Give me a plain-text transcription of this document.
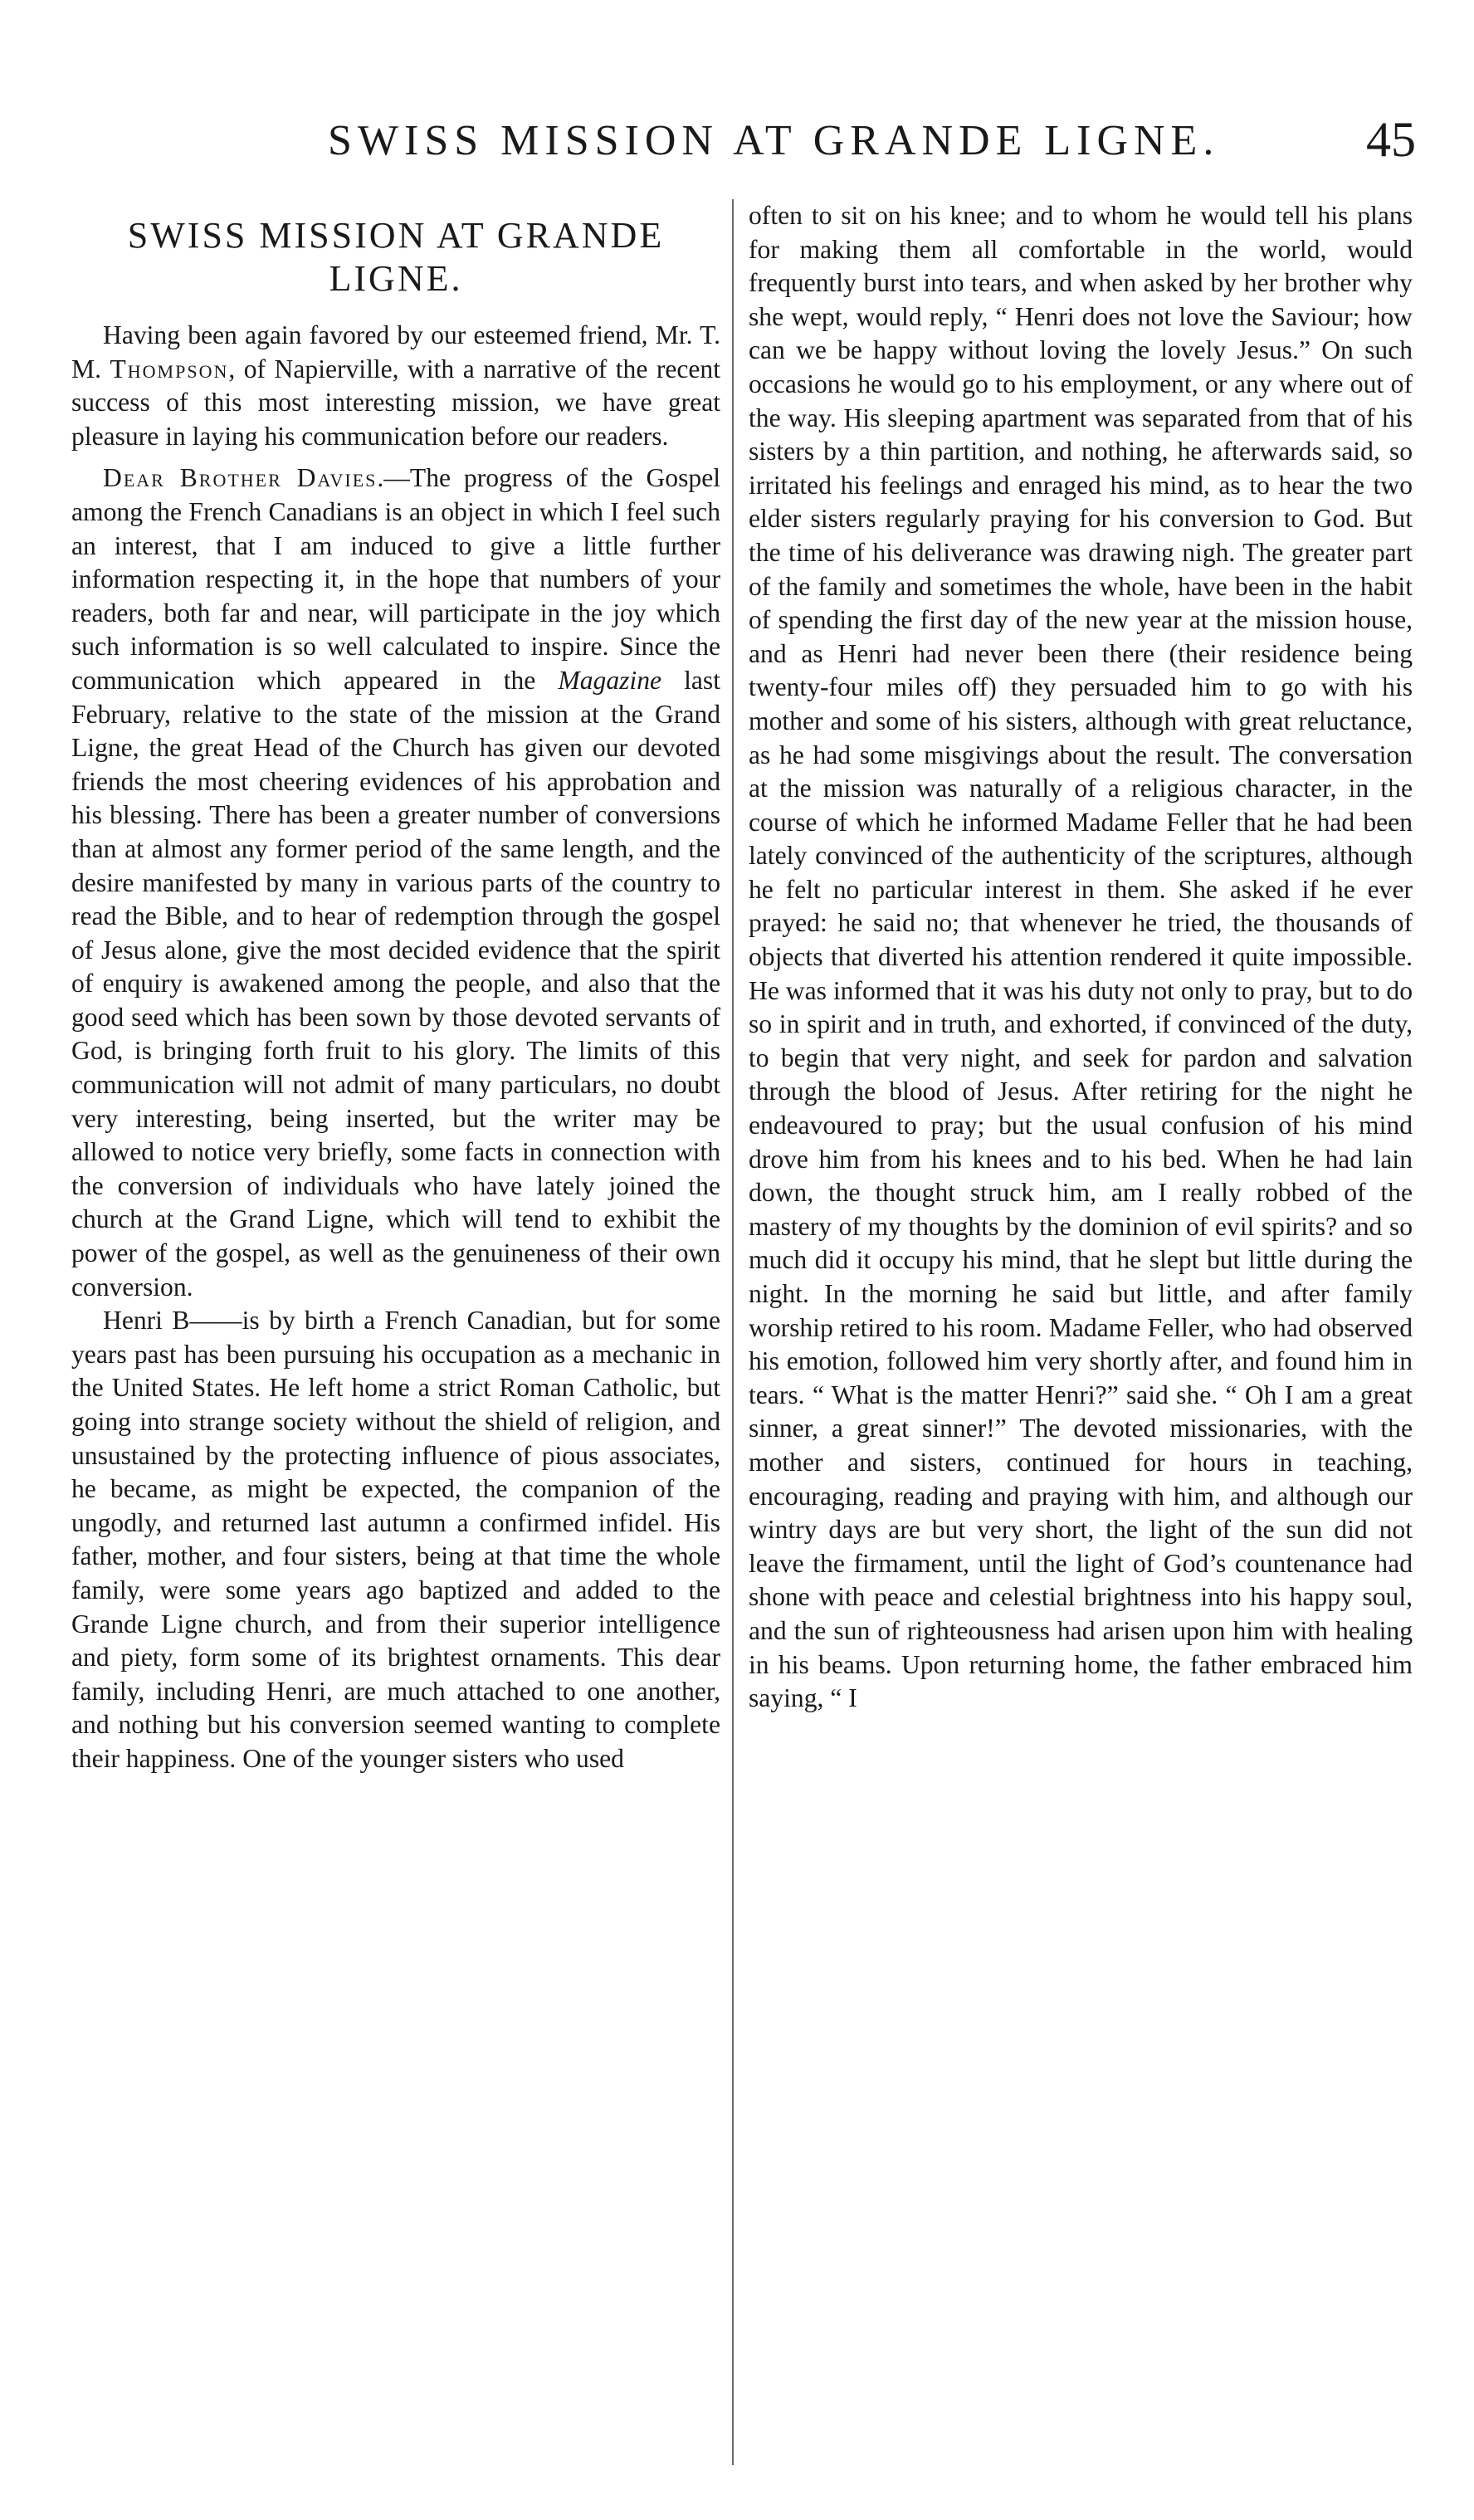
SWISS MISSION AT GRANDE LIGNE.	45
SWISS MISSION AT GRANDE LIGNE.

Having been again favored by our esteemed friend, Mr. T. M. Thompson, of Napierville, with a narrative of the recent success of this most interesting mission, we have great pleasure in laying his communication before our readers.

Dear Brother Davies.—The progress of the Gospel among the French Canadians is an object in which I feel such an interest, that I am induced to give a little further information respecting it, in the hope that numbers of your readers, both far and near, will participate in the joy which such information is so well calculated to inspire. Since the communication which appeared in the Magazine last February, relative to the state of the mission at the Grand Ligne, the great Head of the Church has given our devoted friends the most cheering evidences of his approbation and his blessing. There has been a greater number of conversions than at almost any former period of the same length, and the desire manifested by many in various parts of the country to read the Bible, and to hear of redemption through the gospel of Jesus alone, give the most decided evidence that the spirit of enquiry is awakened among the people, and also that the good seed which has been sown by those devoted servants of God, is bringing forth fruit to his glory. The limits of this communication will not admit of many particulars, no doubt very interesting, being inserted, but the writer may be allowed to notice very briefly, some facts in connection with the conversion of individuals who have lately joined the church at the Grand Ligne, which will tend to exhibit the power of the gospel, as well as the genuineness of their own conversion.

Henri B——is by birth a French Canadian, but for some years past has been pursuing his occupation as a mechanic in the United States. He left home a strict Roman Catholic, but going into strange society without the shield of religion, and unsustained by the protecting influence of pious associates, he became, as might be expected, the companion of the ungodly, and returned last autumn a confirmed infidel. His father, mother, and four sisters, being at that time the whole family, were some years ago baptized and added to the Grande Ligne church, and from their superior intelligence and piety, form some of its brightest ornaments. This dear family, including Henri, are much attached to one another, and nothing but his conversion seemed wanting to complete their happiness. One of the younger sisters who used

often to sit on his knee; and to whom he would tell his plans for making them all comfortable in the world, would frequently burst into tears, and when asked by her brother why she wept, would reply, “ Henri does not love the Saviour; how can we be happy without loving the lovely Jesus.” On such occasions he would go to his employment, or any where out of the way. His sleeping apartment was separated from that of his sisters by a thin partition, and nothing, he afterwards said, so irritated his feelings and enraged his mind, as to hear the two elder sisters regularly praying for his conversion to God. But the time of his deliverance was drawing nigh. The greater part of the family and sometimes the whole, have been in the habit of spending the first day of the new year at the mission house, and as Henri had never been there (their residence being twenty-four miles off) they persuaded him to go with his mother and some of his sisters, although with great reluctance, as he had some misgivings about the result. The conversation at the mission was naturally of a religious character, in the course of which he informed Madame Feller that he had been lately convinced of the authenticity of the scriptures, although he felt no particular interest in them. She asked if he ever prayed: he said no; that whenever he tried, the thousands of objects that diverted his attention rendered it quite impossible. He was informed that it was his duty not only to pray, but to do so in spirit and in truth, and exhorted, if convinced of the duty, to begin that very night, and seek for pardon and salvation through the blood of Jesus. After retiring for the night he endeavoured to pray; but the usual confusion of his mind drove him from his knees and to his bed. When he had lain down, the thought struck him, am I really robbed of the mastery of my thoughts by the dominion of evil spirits? and so much did it occupy his mind, that he slept but little during the night. In the morning he said but little, and after family worship retired to his room. Madame Feller, who had observed his emotion, followed him very shortly after, and found him in tears. “ What is the matter Henri?” said she. “ Oh I am a great sinner, a great sinner!” The devoted missionaries, with the mother and sisters, continued for hours in teaching, encouraging, reading and praying with him, and although our wintry days are but very short, the light of the sun did not leave the firmament, until the light of God’s countenance had shone with peace and celestial brightness into his happy soul, and the sun of righteousness had arisen upon him with healing in his beams. Upon returning home, the father embraced him saying, “ I
